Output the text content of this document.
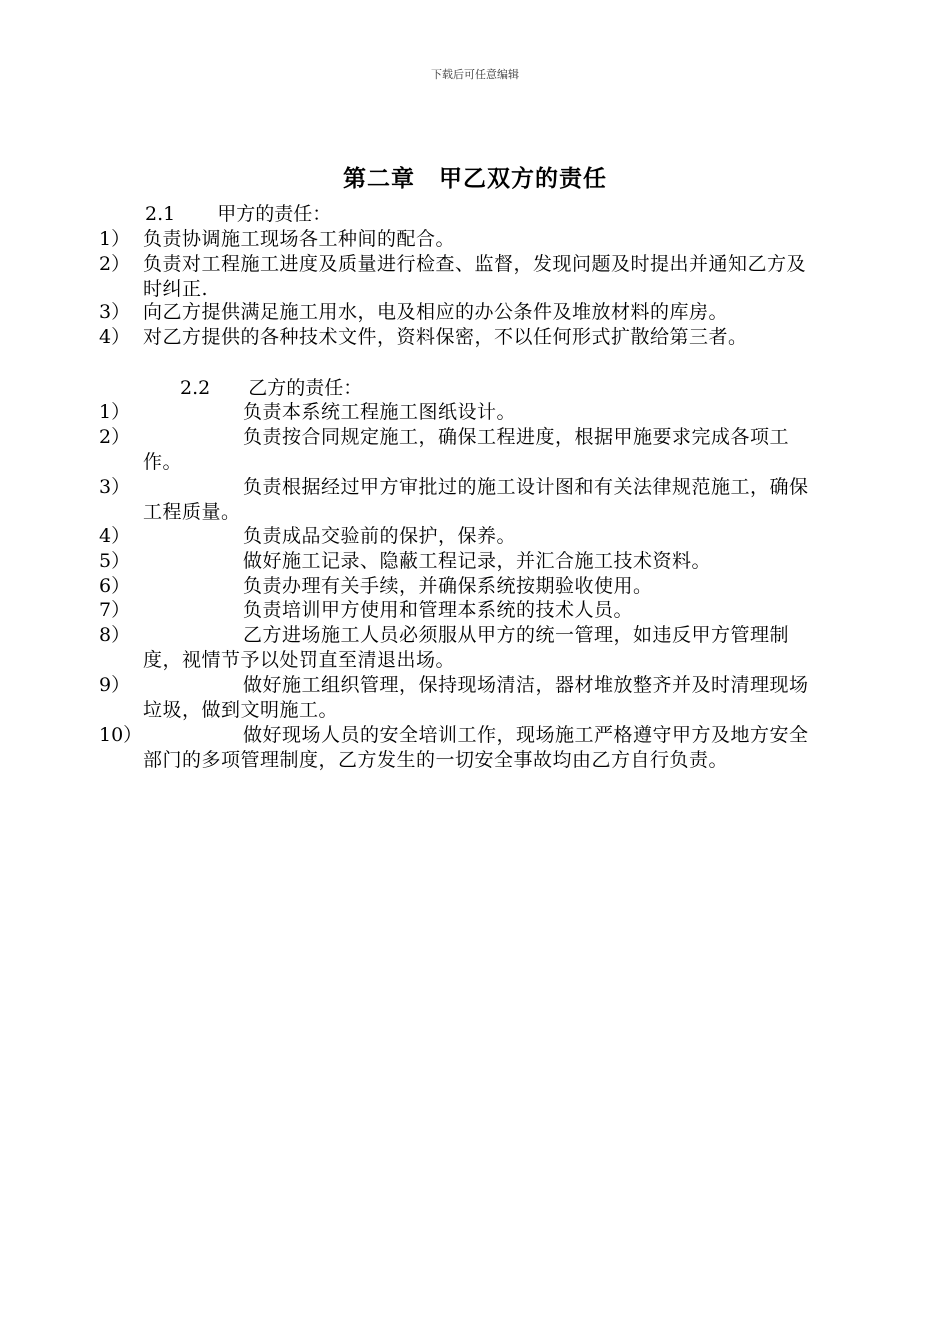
下载后可任意编辑
第二章　甲乙双方的责任
2.1 甲方的责任：
1） 负责协调施工现场各工种间的配合。
2） 负责对工程施工进度及质量进行检查、监督，发现问题及时提出并通知乙方及时纠正.
3） 向乙方提供满足施工用水，电及相应的办公条件及堆放材料的库房。
4） 对乙方提供的各种技术文件，资料保密，不以任何形式扩散给第三者。
2.2 乙方的责任：
1）	负责本系统工程施工图纸设计。
2）	负责按合同规定施工，确保工程进度，根据甲施要求完成各项工作。
3）	负责根据经过甲方审批过的施工设计图和有关法律规范施工，确保工程质量。
4）	负责成品交验前的保护，保养。
5）	做好施工记录、隐蔽工程记录，并汇合施工技术资料。
6）	负责办理有关手续，并确保系统按期验收使用。
7）	负责培训甲方使用和管理本系统的技术人员。
8）	乙方进场施工人员必须服从甲方的统一管理，如违反甲方管理制度，视情节予以处罚直至清退出场。
9）	做好施工组织管理，保持现场清洁，器材堆放整齐并及时清理现场垃圾，做到文明施工。
10）	做好现场人员的安全培训工作，现场施工严格遵守甲方及地方安全部门的多项管理制度，乙方发生的一切安全事故均由乙方自行负责。
